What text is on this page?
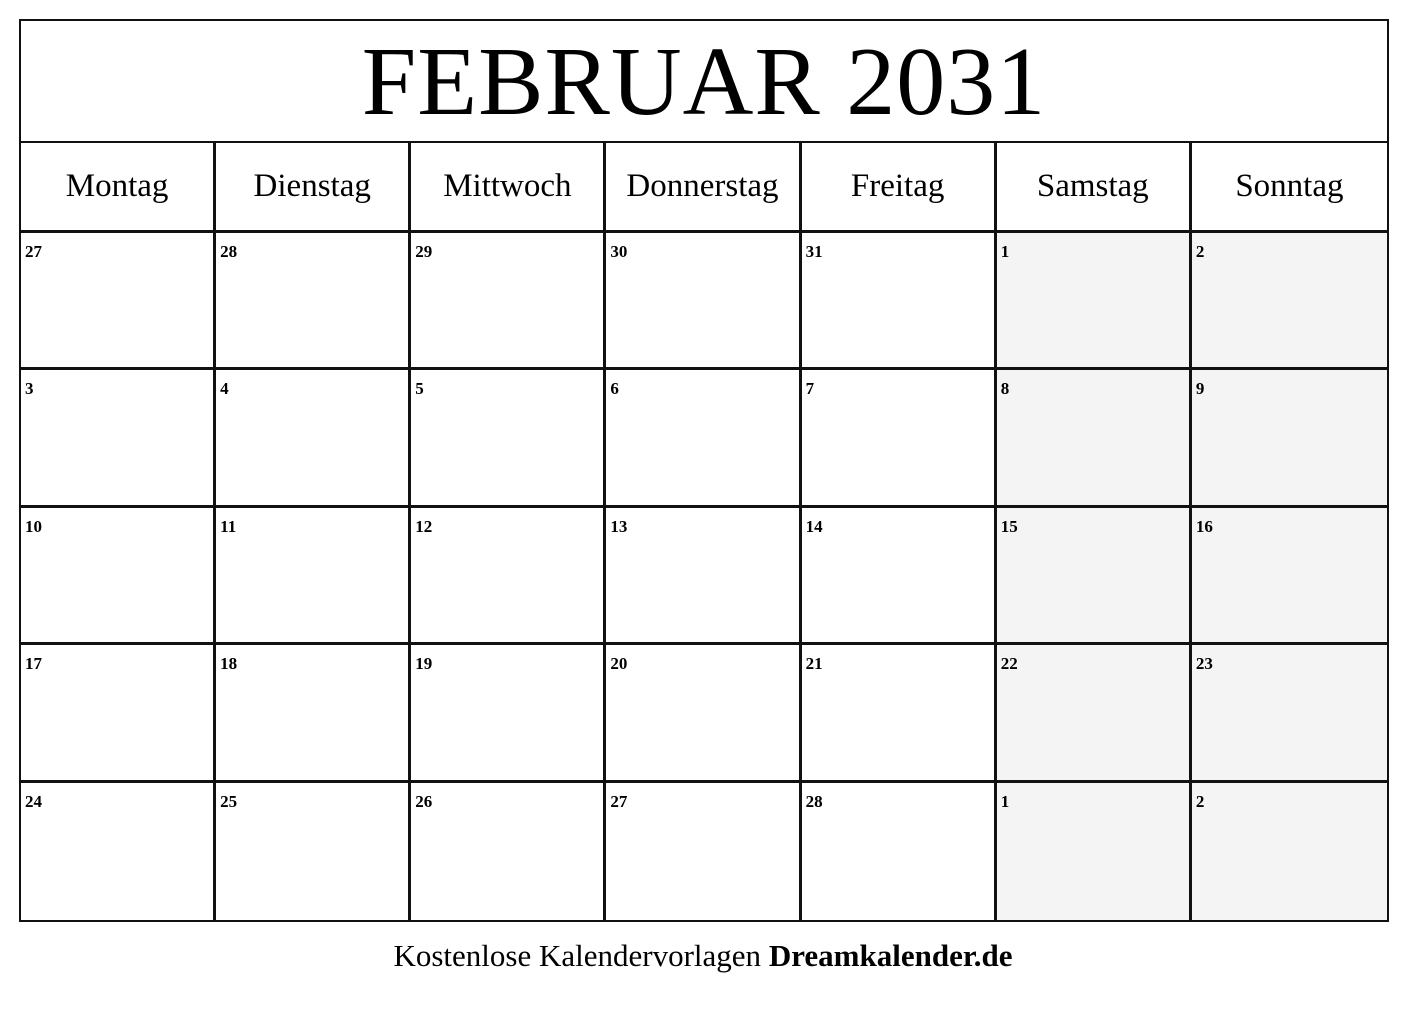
FEBRUAR 2031
Montag	Dienstag	Mittwoch	Donnerstag	Freitag	Samstag	Sonntag
27	28	29	30	31	1	2
3	4	5	6	7	8	9
10	11	12	13	14	15	16
17	18	19	20	21	22	23
24	25	26	27	28	1	2
Kostenlose Kalendervorlagen Dreamkalender.de
